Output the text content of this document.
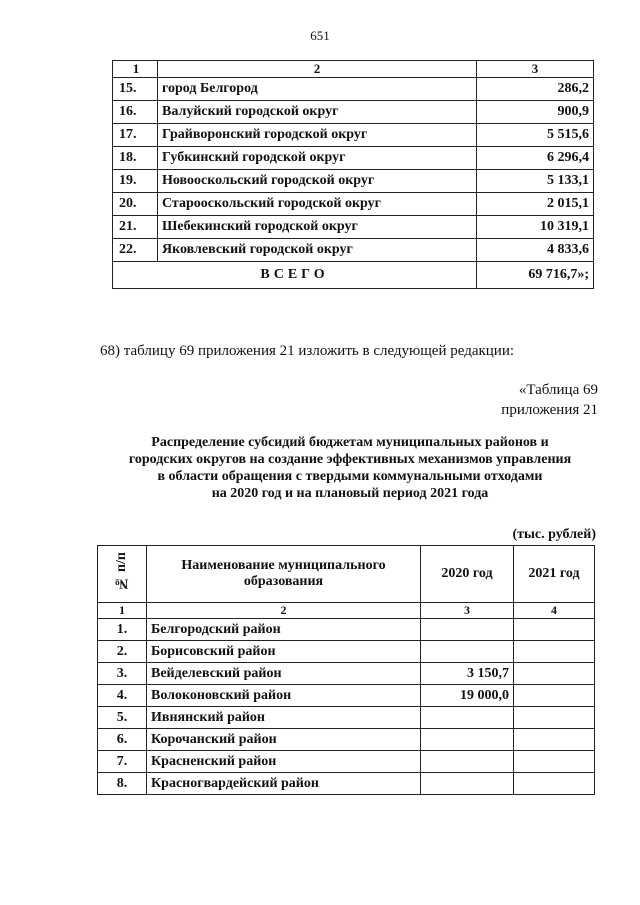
651
1	2	3
15.	город Белгород	286,2
16.	Валуйский городской округ	900,9
17.	Грайворонский городской округ	5 515,6
18.	Губкинский городской округ	6 296,4
19.	Новооскольский городской округ	5 133,1
20.	Старооскольский городской округ	2 015,1
21.	Шебекинский городской округ	10 319,1
22.	Яковлевский городской округ	4 833,6
ВСЕГО		69 716,7»;
68) таблицу 69 приложения 21 изложить в следующей редакции:
«Таблица 69
приложения 21
Распределение субсидий бюджетам муниципальных районов и
городских округов на создание эффективных механизмов управления
в области обращения с твердыми коммунальными отходами
на 2020 год и на плановый период 2021 года
(тыс. рублей)
№ п/п	Наименование муниципального образования	2020 год	2021 год
1	2	3	4
1.	Белгородский район		
2.	Борисовский район		
3.	Вейделевский район	3 150,7	
4.	Волоконовский район	19 000,0	
5.	Ивнянский район		
6.	Корочанский район		
7.	Красненский район		
8.	Красногвардейский район		
